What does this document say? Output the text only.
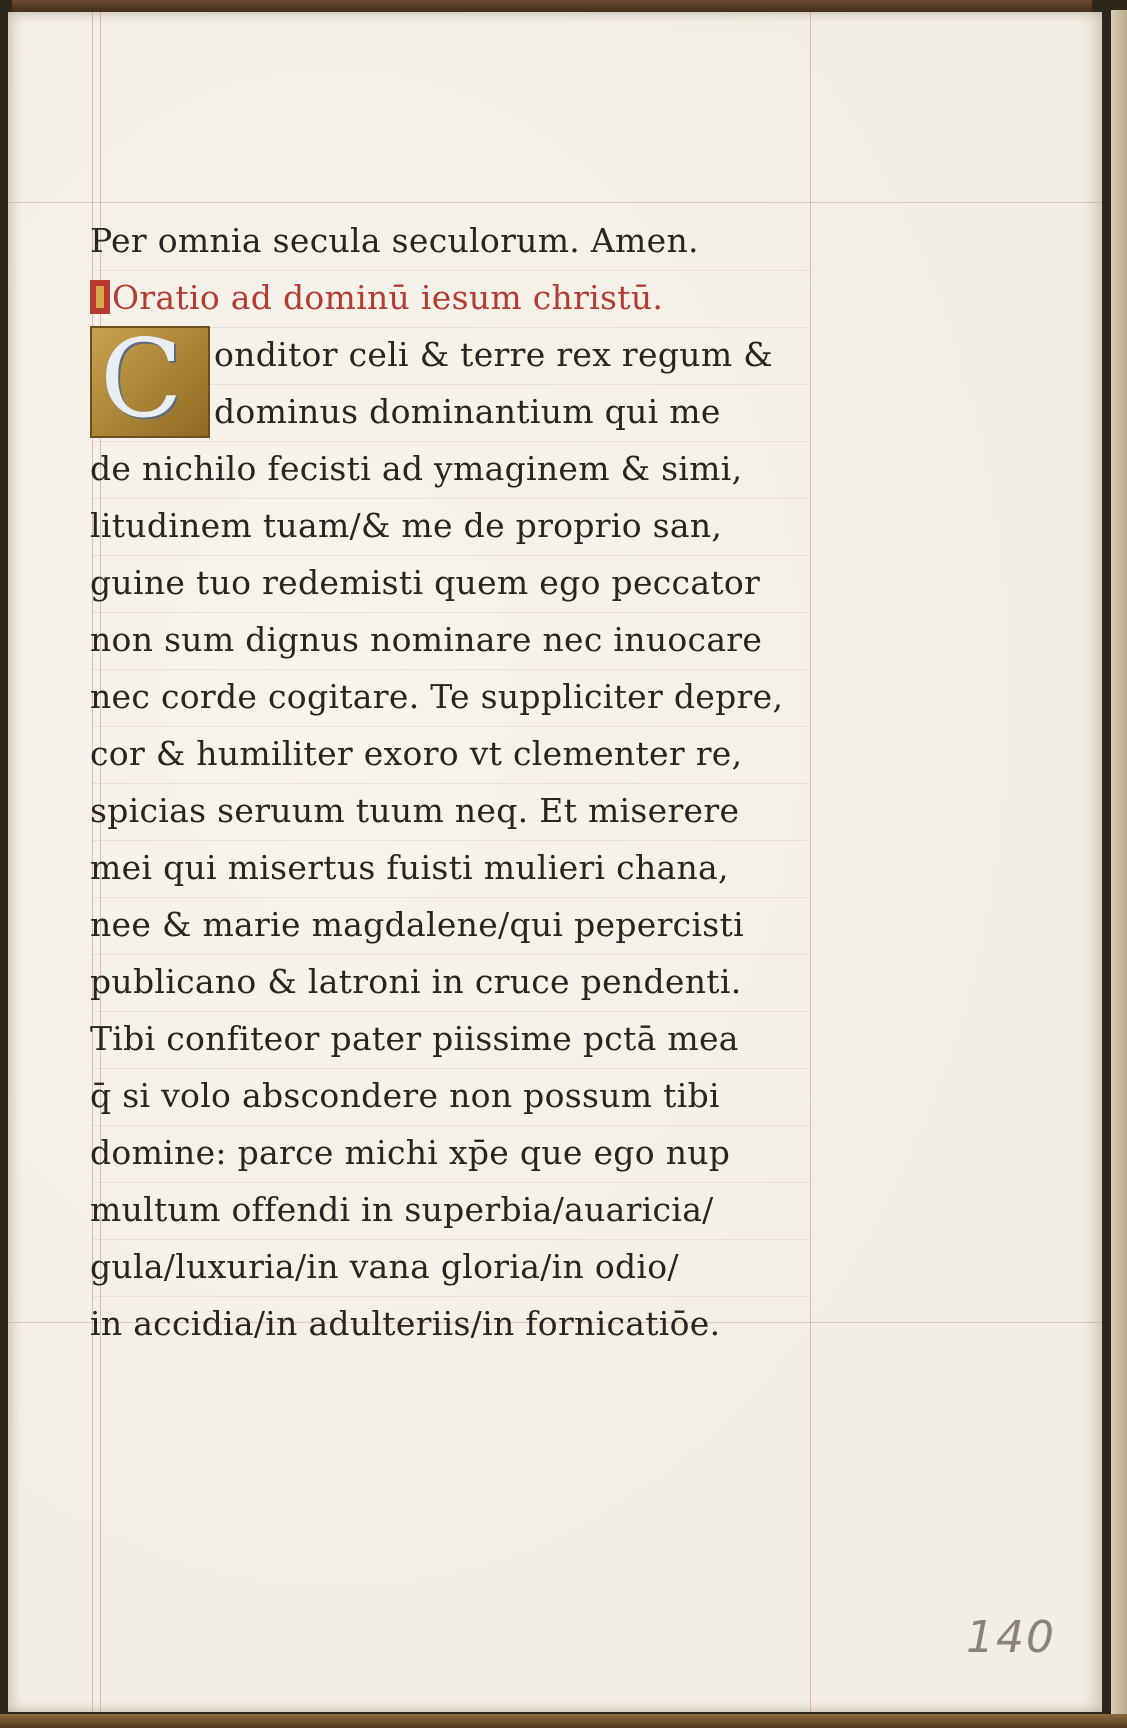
Per omnia secula seculorum. Amen.
Oratio ad dominū iesum christū.
C onditor celi & terre rex regum &
dominus dominantium qui me
de nichilo fecisti ad ymaginem & simi,
litudinem tuam/& me de proprio san,
guine tuo redemisti quem ego peccator
non sum dignus nominare nec inuocare
nec corde cogitare. Te suppliciter depre,
cor & humiliter exoro vt clementer re,
spicias seruum tuum neq. Et miserere
mei qui misertus fuisti mulieri chana,
nee & marie magdalene/qui pepercisti
publicano & latroni in cruce pendenti.
Tibi confiteor pater piissime pctā mea
q̄ si volo abscondere non possum tibi
domine: parce michi xp̄e que ego nup
multum offendi in superbia/auaricia/
gula/luxuria/in vana gloria/in odio/
in accidia/in adulteriis/in fornicatiōe.
140
